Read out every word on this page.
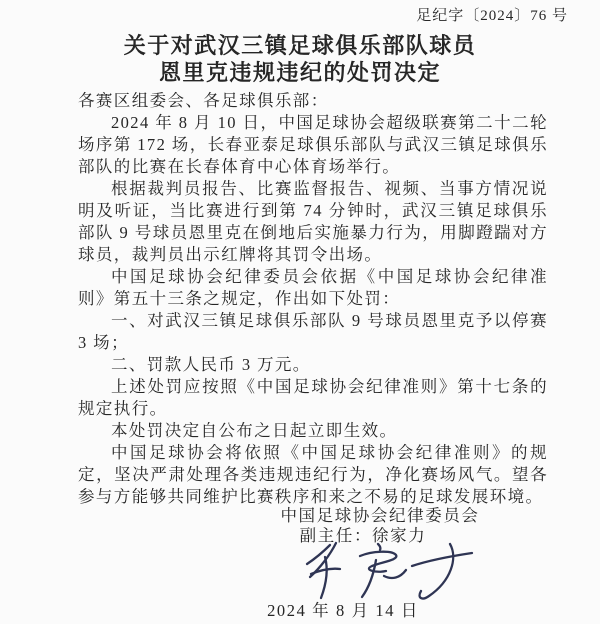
足纪字〔2024〕76 号
关于对武汉三镇足球俱乐部队球员
恩里克违规违纪的处罚决定

各赛区组委会、各足球俱乐部：

2024 年 8 月 10 日，中国足球协会超级联赛第二十二轮场序第 172 场，长春亚泰足球俱乐部队与武汉三镇足球俱乐部队的比赛在长春体育中心体育场举行。

根据裁判员报告、比赛监督报告、视频、当事方情况说明及听证，当比赛进行到第 74 分钟时，武汉三镇足球俱乐部队 9 号球员恩里克在倒地后实施暴力行为，用脚蹬踹对方球员，裁判员出示红牌将其罚令出场。

中国足球协会纪律委员会依据《中国足球协会纪律准则》第五十三条之规定，作出如下处罚：

一、对武汉三镇足球俱乐部队 9 号球员恩里克予以停赛 3 场；

二、罚款人民币 3 万元。

上述处罚应按照《中国足球协会纪律准则》第十七条的规定执行。

本处罚决定自公布之日起立即生效。

中国足球协会将依照《中国足球协会纪律准则》的规定，坚决严肃处理各类违规违纪行为，净化赛场风气。望各参与方能够共同维护比赛秩序和来之不易的足球发展环境。

中国足球协会纪律委员会
副主任：徐家力
2024 年 8 月 14 日
